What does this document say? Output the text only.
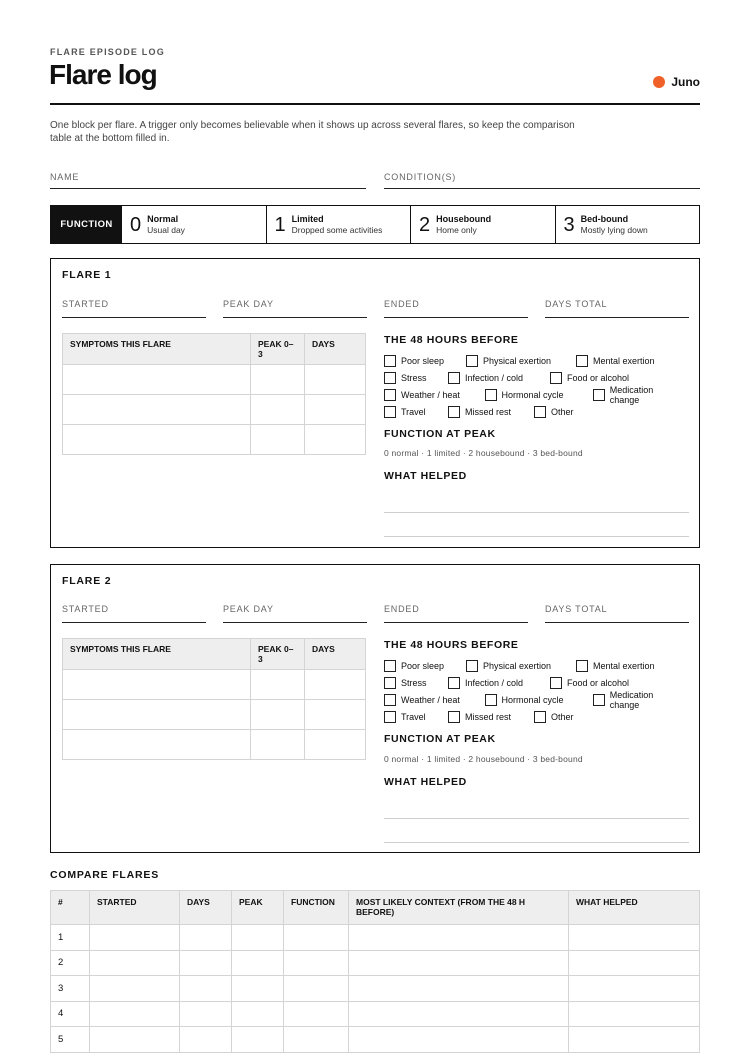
FLARE EPISODE LOG
Flare log	Juno
One block per flare. A trigger only becomes believable when it shows up across several flares, so keep the comparison table at the bottom filled in.
NAME	CONDITION(S)
FUNCTION 0 Normal
Usual day	1 Limited
Dropped some activities 2 Housebound
Home only	3 Bed-bound
Mostly lying down
FLARE 1
STARTED	PEAK DAY	ENDED	DAYS TOTAL
SYMPTOMS THIS FLARE	PEAK 0–3	DAYS

			THE 48 HOURS BEFORE
Poor sleep	Physical exertion	Mental exertion
Stress	Infection / cold	Food or alcohol
Weather / heat	Hormonal cycle	Medication change
Travel	Missed rest	Other
FUNCTION AT PEAK
0 normal · 1 limited · 2 housebound · 3 bed-bound
WHAT HELPED
FLARE 2
STARTED	PEAK DAY	ENDED	DAYS TOTAL
SYMPTOMS THIS FLARE	PEAK 0–3	DAYS

			THE 48 HOURS BEFORE
Poor sleep	Physical exertion	Mental exertion
Stress	Infection / cold	Food or alcohol
Weather / heat	Hormonal cycle	Medication change
Travel	Missed rest	Other
FUNCTION AT PEAK
0 normal · 1 limited · 2 housebound · 3 bed-bound
WHAT HELPED
COMPARE FLARES
#	STARTED	DAYS	PEAK	FUNCTION	MOST LIKELY CONTEXT (FROM THE 48 H BEFORE)	WHAT HELPED
1						
2						
3						
4						
5						
